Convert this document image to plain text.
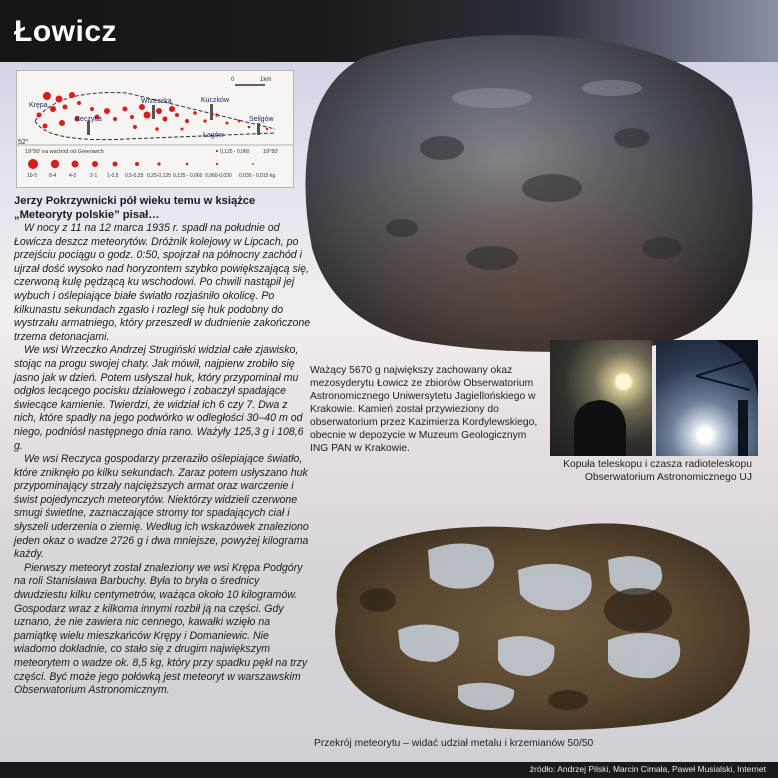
Łowicz
Krępa
Reczyca
Wrzeczka	Kuczków
Łagów
Seligów
0	1km
52°
19°50' na wschód od Greenwich	19°50'
0,125 - 0,060
10-5 8-4	4-2	2-1 1-0,5 0,5-0,25 0,25-0,125 0,125 - 0,060 0,060-0,030 0,030 - 0,015 kg
Jerzy Pokrzywnicki pół wieku temu w książce
„Meteoryty polskie” pisał…

W nocy z 11 na 12 marca 1935 r. spadł na południe od Łowicza deszcz meteorytów. Dróżnik kolejowy w Lipcach, po przejściu pociągu o godz. 0:50, spojrzał na północny zachód i ujrzał dość wysoko nad horyzontem szybko powiększającą się, czerwoną kulę pędzącą ku wschodowi. Po chwili nastąpił jej wybuch i oślepiające białe światło rozjaśniło okolicę. Po kilkunastu sekundach zgasło i rozległ się huk podobny do wystrzału armatniego, który przeszedł w dudnienie zakończone trzema detonacjami.

We wsi Wrzeczko Andrzej Strugiński widział całe zjawisko, stojąc na progu swojej chaty. Jak mówił, najpierw zrobiło się jasno jak w dzień. Potem usłyszał huk, który przypominał mu odgłos lecącego pocisku działowego i zobaczył spadające świecące kamienie. Twierdzi, że widział ich 6 czy 7. Dwa z nich, które spadły na jego podwórko w odległości 30–40 m od niego, podniósł następnego dnia rano. Ważyły 125,3 g i 108,6 g.

We wsi Reczyca gospodarzy przeraziło oślepiające światło, które zniknęło po kilku sekundach. Zaraz potem usłyszano huk przypominający strzały najcięższych armat oraz warczenie i świst pojedynczych meteorytów. Niektórzy widzieli czerwone smugi świetlne, zaznaczające stromy tor spadających ciał i słyszeli uderzenia o ziemię. Według ich wskazówek znaleziono jeden okaz o wadze 2726 g i dwa mniejsze, powyżej kilograma każdy.

Pierwszy meteoryt został znaleziony we wsi Krępa Podgóry na roli Stanisława Barbuchy. Była to bryła o średnicy dwudziestu kilku centymetrów, ważąca około 10 kilogramów. Gospodarz wraz z kilkoma innymi rozbił ją na części. Gdy uznano, że nie zawiera nic cennego, kawałki wzięło na pamiątkę wielu mieszkańców Krępy i Domaniewic. Nie wiadomo dokładnie, co stało się z drugim największym meteorytem o wadze ok. 8,5 kg, który przy spadku pękł na trzy części. Być może jego połówką jest meteoryt w warszawskim Obserwatorium Astronomicznym.

Ważący 5670 g największy zachowany okaz mezosyderytu Łowicz ze zbiorów Obserwatorium Astronomicznego Uniwersytetu Jagiellońskiego w Krakowie. Kamień został przywieziony do obserwatorium przez Kazimierza Kordylewskiego, obecnie w depozycie w Muzeum Geologicznym ING PAN w Krakowie.
Kopuła teleskopu i czasza radioteleskopu Obserwatorium Astronomicznego UJ
Przekrój meteorytu – widać udział metalu i krzemianów 50/50
źródło: Andrzej Pilski, Marcin Cimała, Paweł Musialski, Internet
